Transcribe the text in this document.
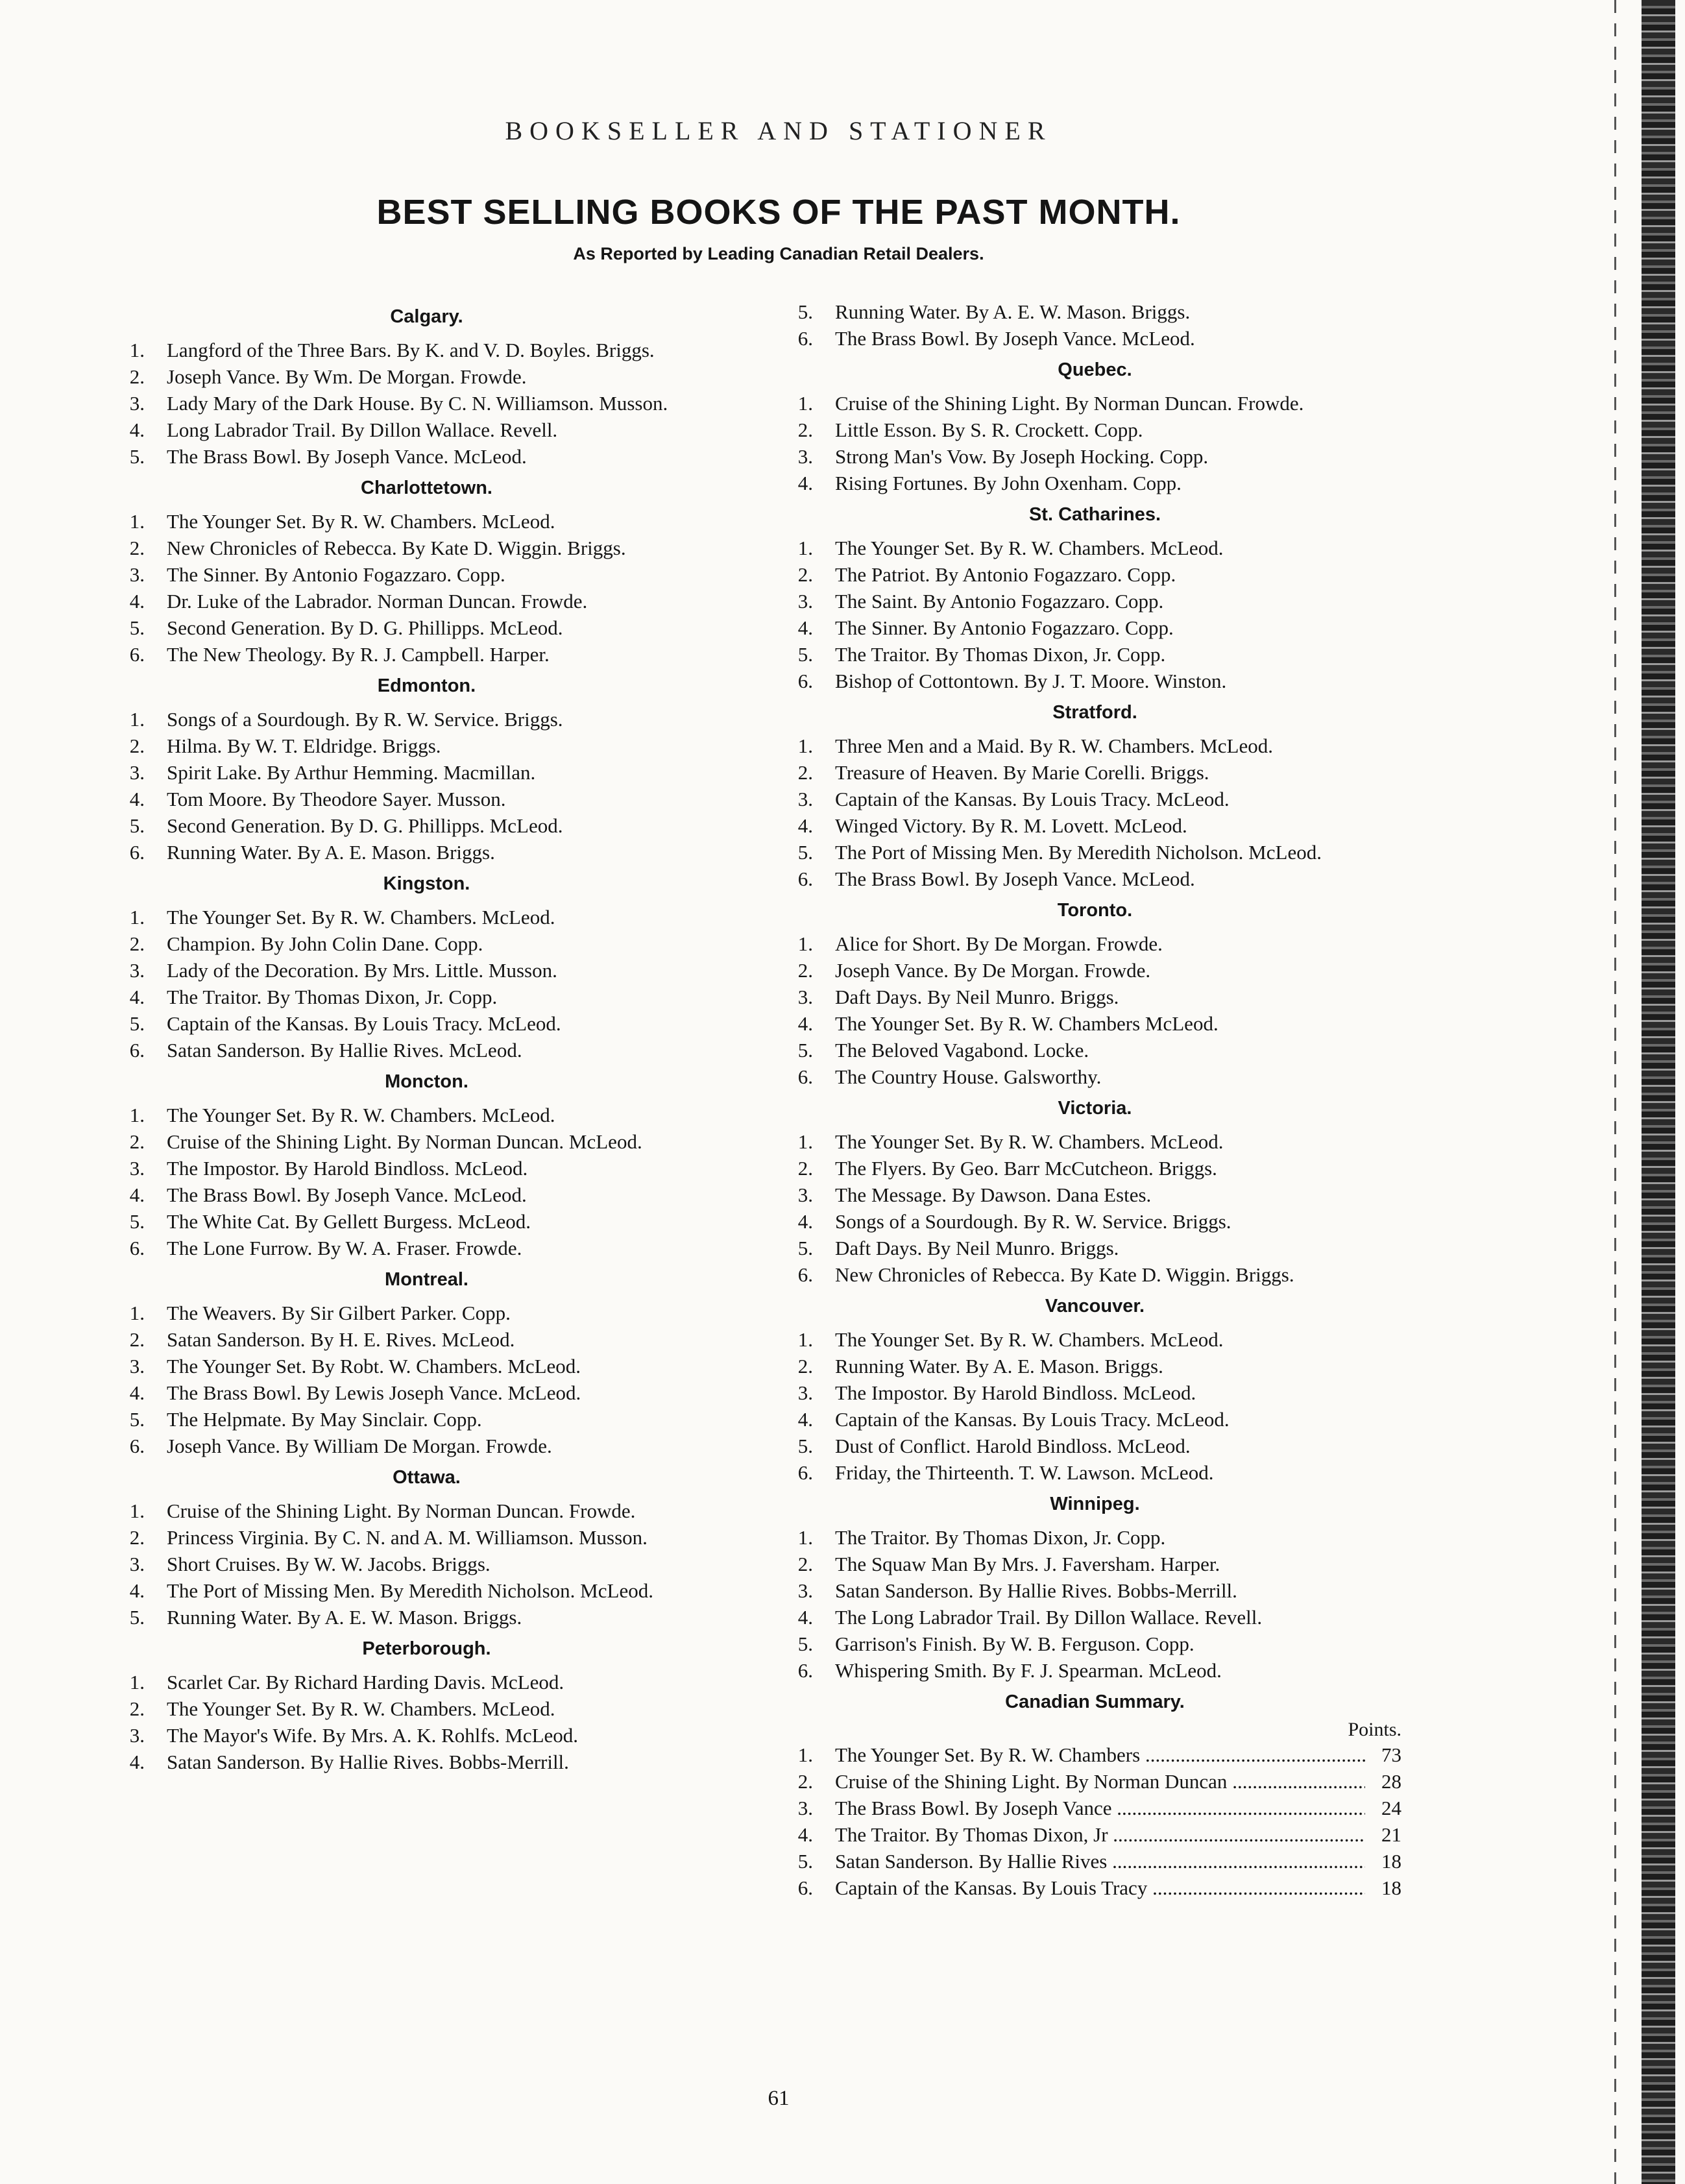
BOOKSELLER AND STATIONER
BEST SELLING BOOKS OF THE PAST MONTH.
As Reported by Leading Canadian Retail Dealers.
Calgary.
1. Langford of the Three Bars. By K. and V. D. Boyles. Briggs.
2. Joseph Vance. By Wm. De Morgan. Frowde.
3. Lady Mary of the Dark House. By C. N. Williamson. Musson.
4. Long Labrador Trail. By Dillon Wallace. Revell.
5. The Brass Bowl. By Joseph Vance. McLeod.
Charlottetown.
1. The Younger Set. By R. W. Chambers. McLeod.
2. New Chronicles of Rebecca. By Kate D. Wiggin. Briggs.
3. The Sinner. By Antonio Fogazzaro. Copp.
4. Dr. Luke of the Labrador. Norman Duncan. Frowde.
5. Second Generation. By D. G. Phillipps. McLeod.
6. The New Theology. By R. J. Campbell. Harper.
Edmonton.
1. Songs of a Sourdough. By R. W. Service. Briggs.
2. Hilma. By W. T. Eldridge. Briggs.
3. Spirit Lake. By Arthur Hemming. Macmillan.
4. Tom Moore. By Theodore Sayer. Musson.
5. Second Generation. By D. G. Phillipps. McLeod.
6. Running Water. By A. E. Mason. Briggs.
Kingston.
1. The Younger Set. By R. W. Chambers. McLeod.
2. Champion. By John Colin Dane. Copp.
3. Lady of the Decoration. By Mrs. Little. Musson.
4. The Traitor. By Thomas Dixon, Jr. Copp.
5. Captain of the Kansas. By Louis Tracy. McLeod.
6. Satan Sanderson. By Hallie Rives. McLeod.
Moncton.
1. The Younger Set. By R. W. Chambers. McLeod.
2. Cruise of the Shining Light. By Norman Duncan. McLeod.
3. The Impostor. By Harold Bindloss. McLeod.
4. The Brass Bowl. By Joseph Vance. McLeod.
5. The White Cat. By Gellett Burgess. McLeod.
6. The Lone Furrow. By W. A. Fraser. Frowde.
Montreal.
1. The Weavers. By Sir Gilbert Parker. Copp.
2. Satan Sanderson. By H. E. Rives. McLeod.
3. The Younger Set. By Robt. W. Chambers. McLeod.
4. The Brass Bowl. By Lewis Joseph Vance. McLeod.
5. The Helpmate. By May Sinclair. Copp.
6. Joseph Vance. By William De Morgan. Frowde.
Ottawa.
1. Cruise of the Shining Light. By Norman Duncan. Frowde.
2. Princess Virginia. By C. N. and A. M. Williamson. Musson.
3. Short Cruises. By W. W. Jacobs. Briggs.
4. The Port of Missing Men. By Meredith Nicholson. McLeod.
5. Running Water. By A. E. W. Mason. Briggs.
Peterborough.
1. Scarlet Car. By Richard Harding Davis. McLeod.
2. The Younger Set. By R. W. Chambers. McLeod.
3. The Mayor's Wife. By Mrs. A. K. Rohlfs. McLeod.
4. Satan Sanderson. By Hallie Rives. Bobbs-Merrill.
5. Running Water. By A. E. W. Mason. Briggs.
6. The Brass Bowl. By Joseph Vance. McLeod.
Quebec.
1. Cruise of the Shining Light. By Norman Duncan. Frowde.
2. Little Esson. By S. R. Crockett. Copp.
3. Strong Man's Vow. By Joseph Hocking. Copp.
4. Rising Fortunes. By John Oxenham. Copp.
St. Catharines.
1. The Younger Set. By R. W. Chambers. McLeod.
2. The Patriot. By Antonio Fogazzaro. Copp.
3. The Saint. By Antonio Fogazzaro. Copp.
4. The Sinner. By Antonio Fogazzaro. Copp.
5. The Traitor. By Thomas Dixon, Jr. Copp.
6. Bishop of Cottontown. By J. T. Moore. Winston.
Stratford.
1. Three Men and a Maid. By R. W. Chambers. McLeod.
2. Treasure of Heaven. By Marie Corelli. Briggs.
3. Captain of the Kansas. By Louis Tracy. McLeod.
4. Winged Victory. By R. M. Lovett. McLeod.
5. The Port of Missing Men. By Meredith Nicholson. McLeod.
6. The Brass Bowl. By Joseph Vance. McLeod.
Toronto.
1. Alice for Short. By De Morgan. Frowde.
2. Joseph Vance. By De Morgan. Frowde.
3. Daft Days. By Neil Munro. Briggs.
4. The Younger Set. By R. W. Chambers McLeod.
5. The Beloved Vagabond. Locke.
6. The Country House. Galsworthy.
Victoria.
1. The Younger Set. By R. W. Chambers. McLeod.
2. The Flyers. By Geo. Barr McCutcheon. Briggs.
3. The Message. By Dawson. Dana Estes.
4. Songs of a Sourdough. By R. W. Service. Briggs.
5. Daft Days. By Neil Munro. Briggs.
6. New Chronicles of Rebecca. By Kate D. Wiggin. Briggs.
Vancouver.
1. The Younger Set. By R. W. Chambers. McLeod.
2. Running Water. By A. E. Mason. Briggs.
3. The Impostor. By Harold Bindloss. McLeod.
4. Captain of the Kansas. By Louis Tracy. McLeod.
5. Dust of Conflict. Harold Bindloss. McLeod.
6. Friday, the Thirteenth. T. W. Lawson. McLeod.
Winnipeg.
1. The Traitor. By Thomas Dixon, Jr. Copp.
2. The Squaw Man By Mrs. J. Faversham. Harper.
3. Satan Sanderson. By Hallie Rives. Bobbs-Merrill.
4. The Long Labrador Trail. By Dillon Wallace. Revell.
5. Garrison's Finish. By W. B. Ferguson. Copp.
6. Whispering Smith. By F. J. Spearman. McLeod.
Canadian Summary.
Points.
1. The Younger Set. By R. W. Chambers .....	73
2. Cruise of the Shining Light. By Norman Duncan .....	28
3. The Brass Bowl. By Joseph Vance .....	24
4. The Traitor. By Thomas Dixon, Jr .....	21
5. Satan Sanderson. By Hallie Rives .....	18
6. Captain of the Kansas. By Louis Tracy .....	18
61
